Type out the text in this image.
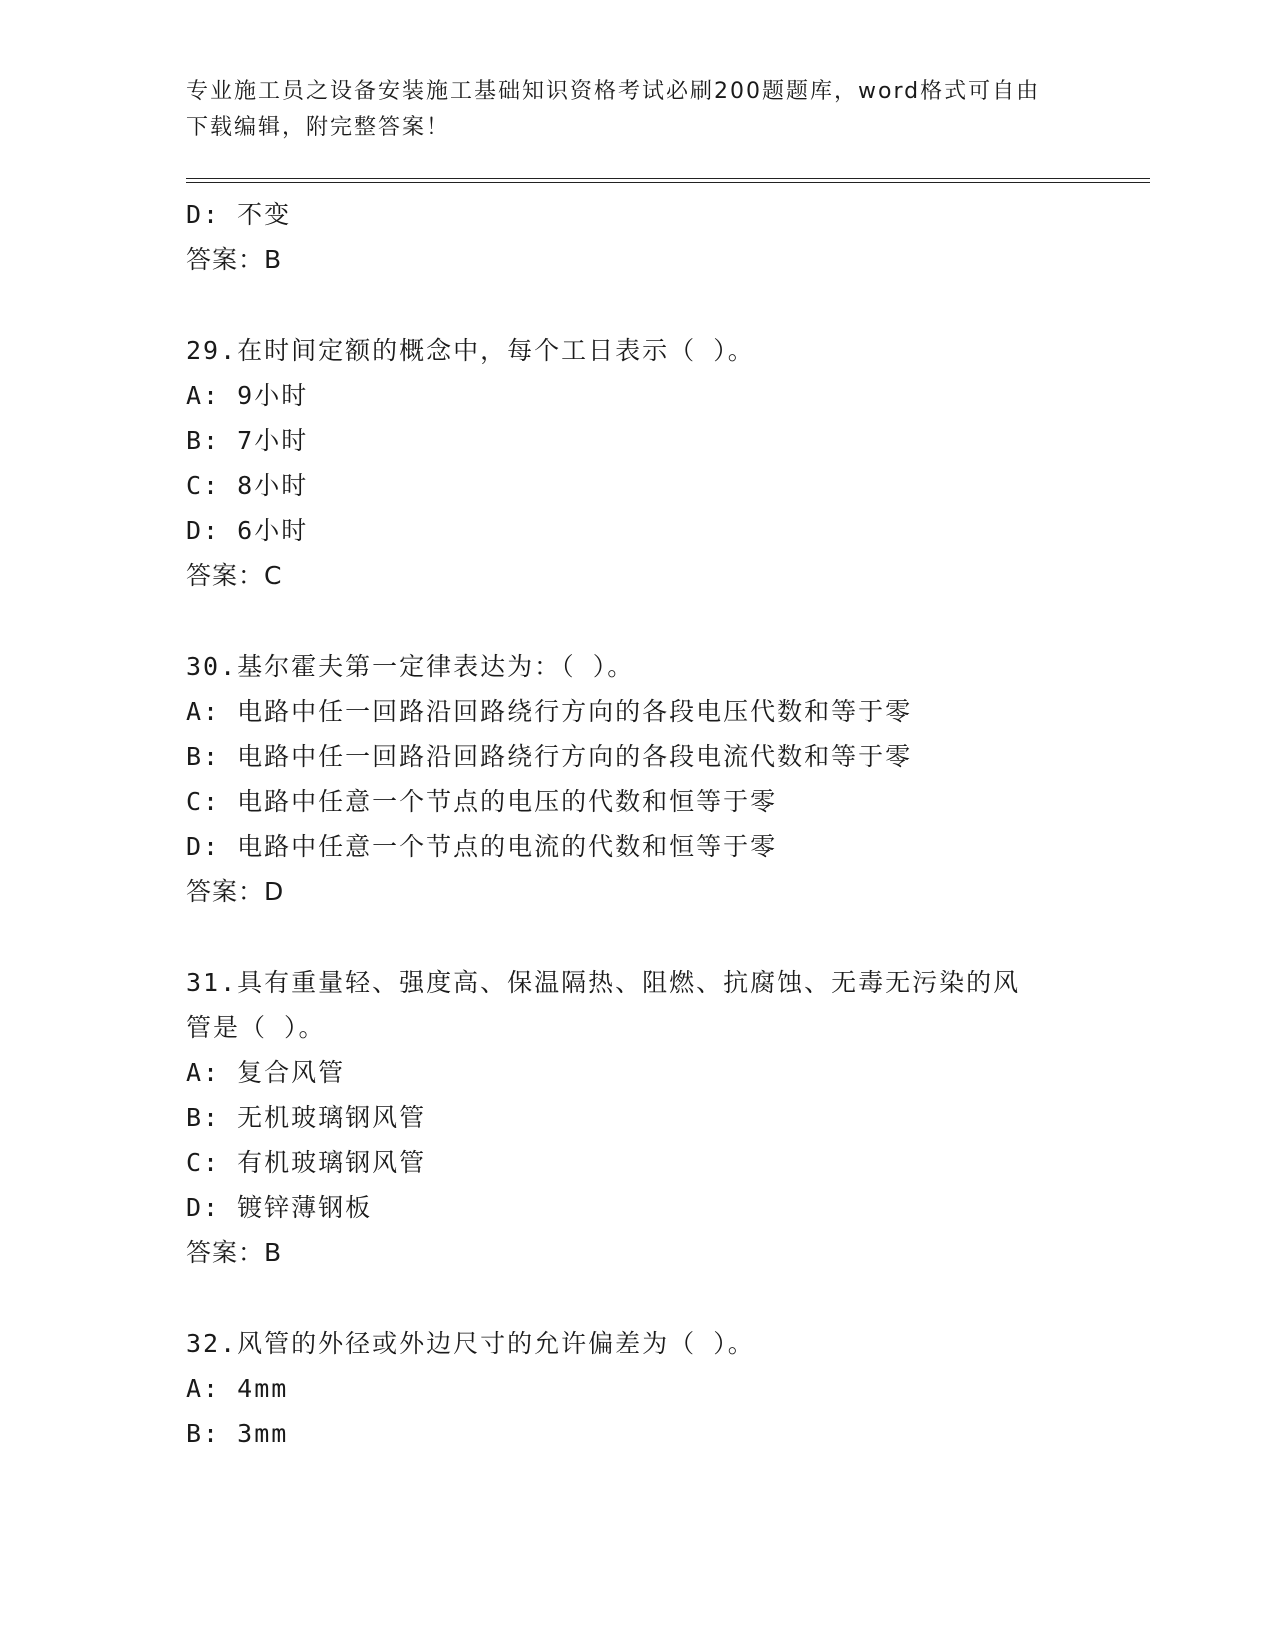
专业施工员之设备安装施工基础知识资格考试必刷200题题库，word格式可自由
下载编辑，附完整答案！
D: 不变
答案：B
29.在时间定额的概念中，每个工日表示（ ）。
A: 9小时
B: 7小时
C: 8小时
D: 6小时
答案：C
30.基尔霍夫第一定律表达为：（ ）。
A: 电路中任一回路沿回路绕行方向的各段电压代数和等于零
B: 电路中任一回路沿回路绕行方向的各段电流代数和等于零
C: 电路中任意一个节点的电压的代数和恒等于零
D: 电路中任意一个节点的电流的代数和恒等于零
答案：D
31.具有重量轻、强度高、保温隔热、阻燃、抗腐蚀、无毒无污染的风
管是（ ）。
A: 复合风管
B: 无机玻璃钢风管
C: 有机玻璃钢风管
D: 镀锌薄钢板
答案：B
32.风管的外径或外边尺寸的允许偏差为（ ）。
A: 4mm
B: 3mm
